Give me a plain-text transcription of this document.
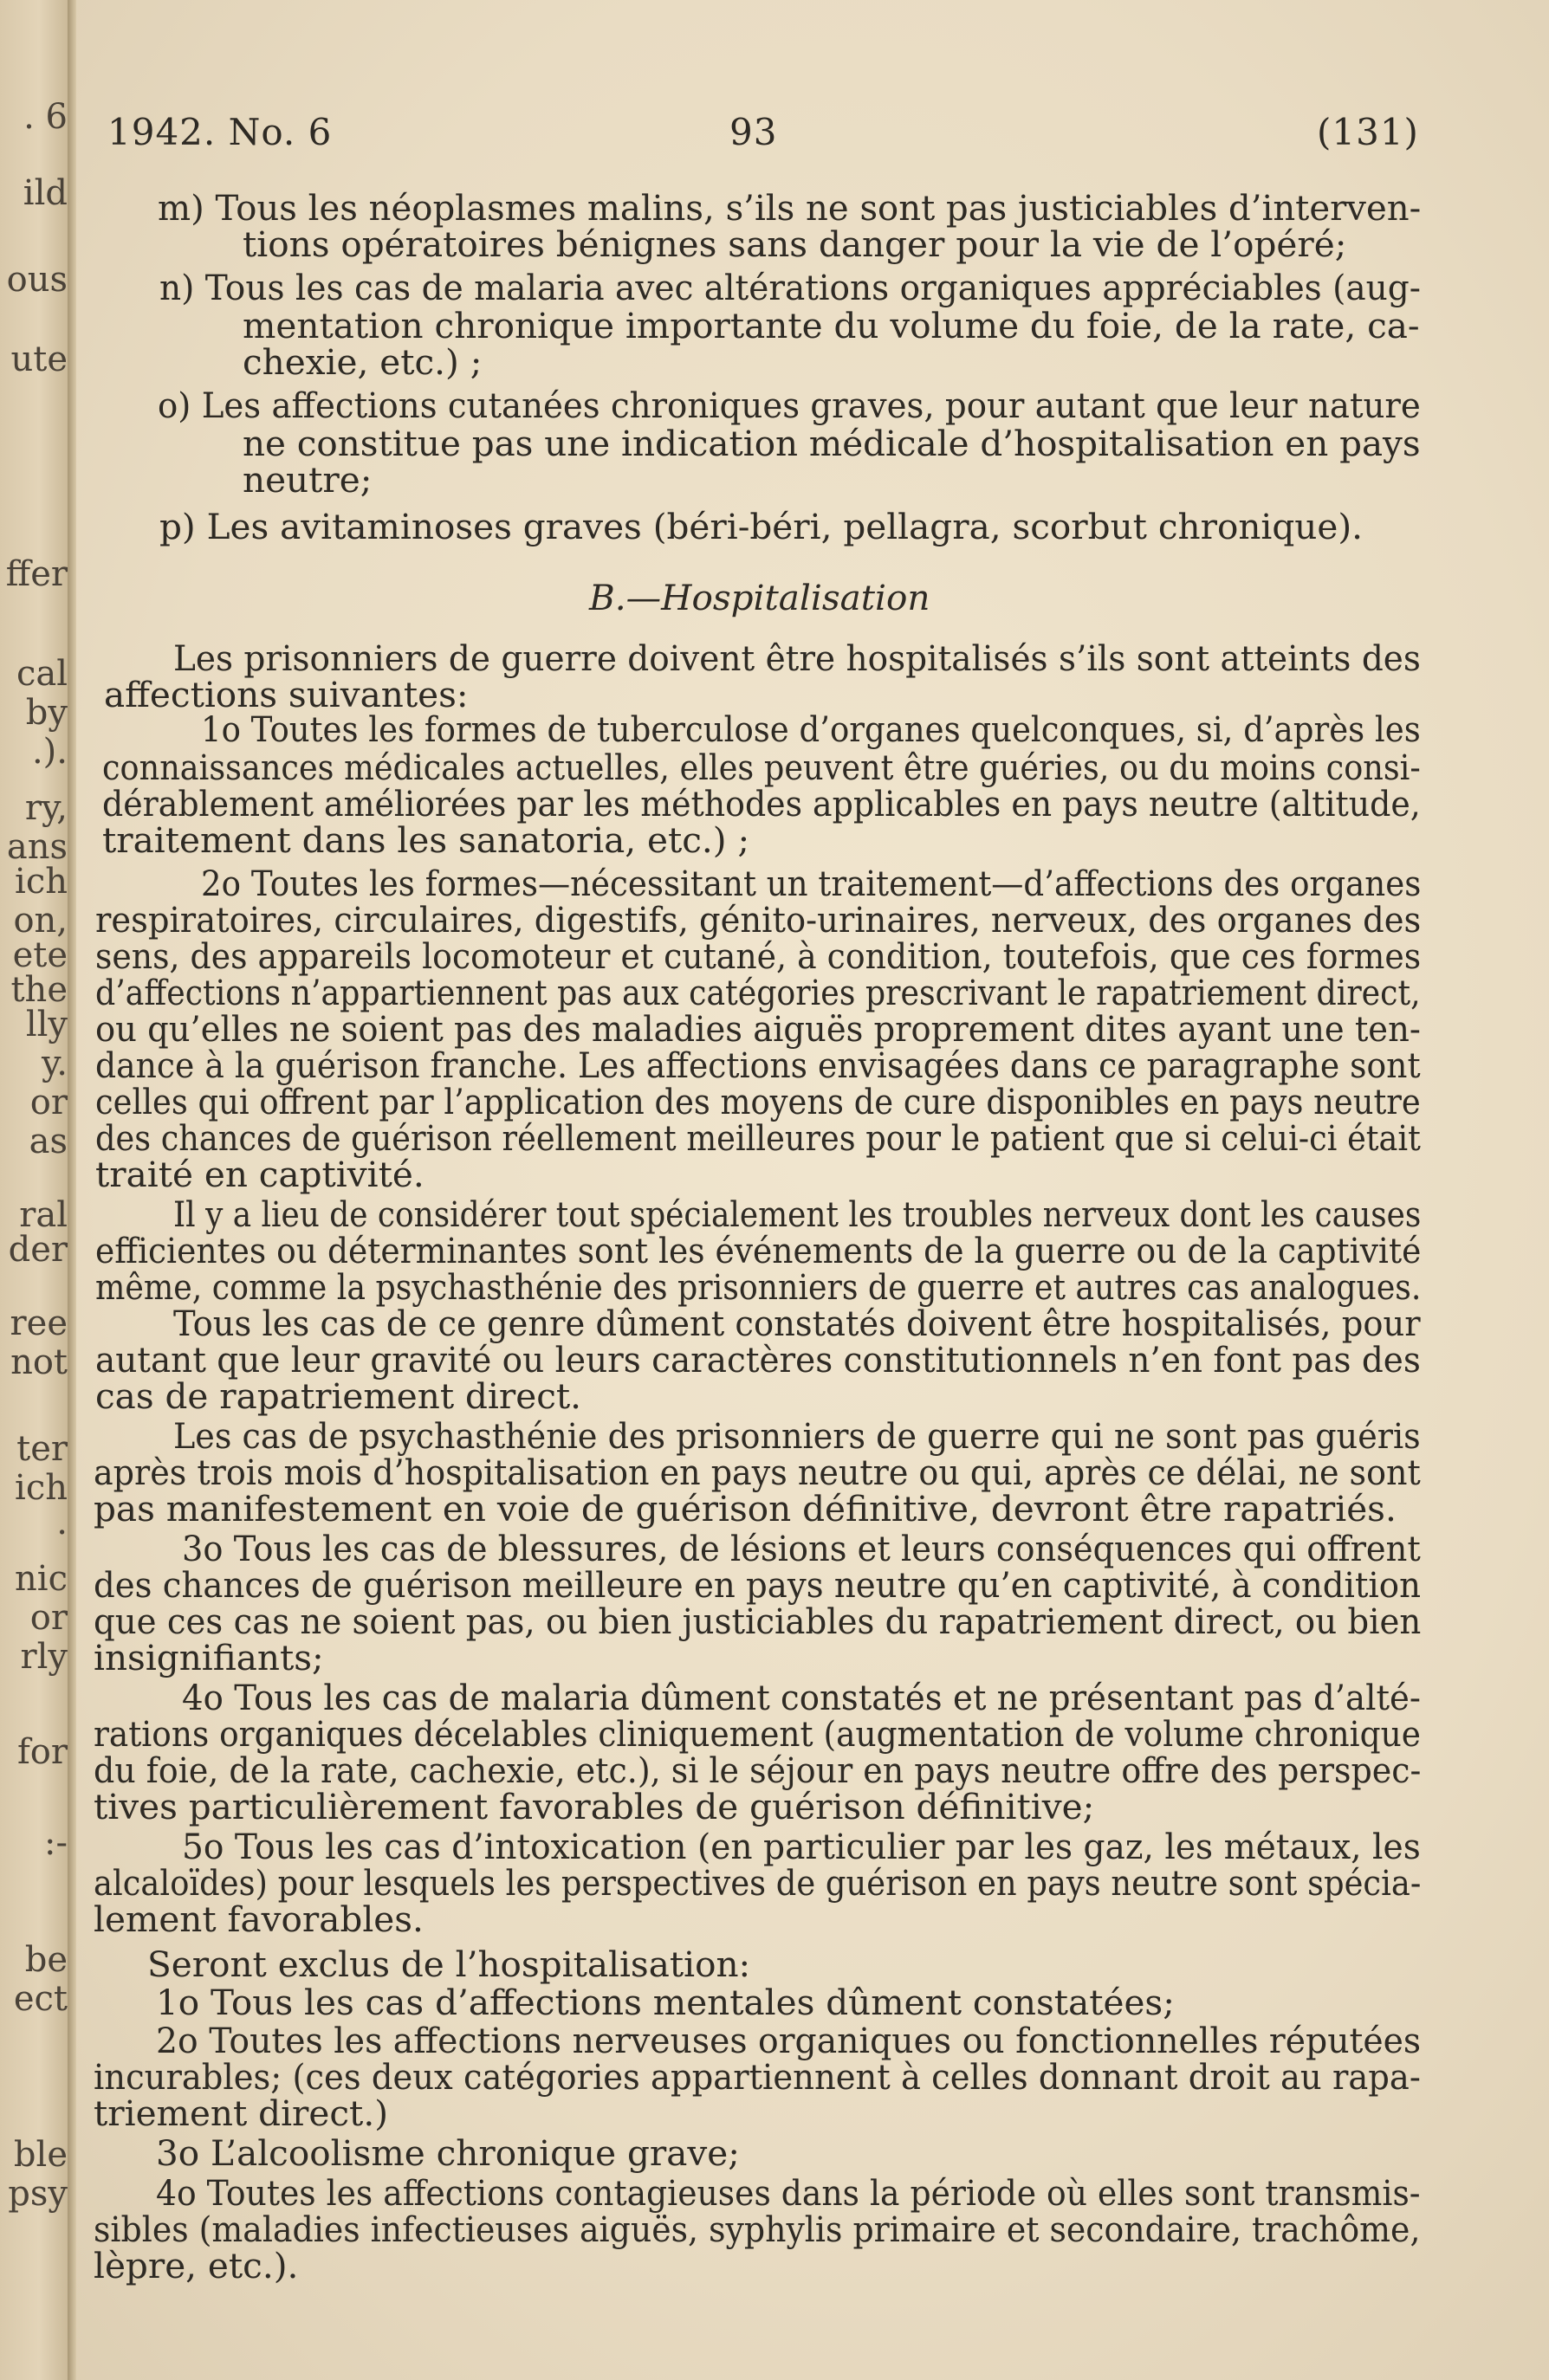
. 6
ild
ous
ute
ffer
cal
by
.).
ry,
ans
ich
on,
ete
the
lly
y.
or
as
ral
der
ree
not
ter
ich
.
nic
or
rly
for
:-
be
ect
ble
psy
1942. No. 6	93	(131)
m) Tous les néoplasmes malins, s’ils ne sont pas justiciables d’interven-
tions opératoires bénignes sans danger pour la vie de l’opéré;
n) Tous les cas de malaria avec altérations organiques appréciables (aug-
mentation chronique importante du volume du foie, de la rate, ca-
chexie, etc.) ;
o) Les affections cutanées chroniques graves, pour autant que leur nature
ne constitue pas une indication médicale d’hospitalisation en pays
neutre;
p) Les avitaminoses graves (béri-béri, pellagra, scorbut chronique).
B.—Hospitalisation
Les prisonniers de guerre doivent être hospitalisés s’ils sont atteints des
affections suivantes:
1o Toutes les formes de tuberculose d’organes quelconques, si, d’après les
connaissances médicales actuelles, elles peuvent être guéries, ou du moins consi-
dérablement améliorées par les méthodes applicables en pays neutre (altitude,
traitement dans les sanatoria, etc.) ;
2o Toutes les formes—nécessitant un traitement—d’affections des organes
respiratoires, circulaires, digestifs, génito-urinaires, nerveux, des organes des
sens, des appareils locomoteur et cutané, à condition, toutefois, que ces formes
d’affections n’appartiennent pas aux catégories prescrivant le rapatriement direct,
ou qu’elles ne soient pas des maladies aiguës proprement dites ayant une ten-
dance à la guérison franche. Les affections envisagées dans ce paragraphe sont
celles qui offrent par l’application des moyens de cure disponibles en pays neutre
des chances de guérison réellement meilleures pour le patient que si celui-ci était
traité en captivité.
Il y a lieu de considérer tout spécialement les troubles nerveux dont les causes
efficientes ou déterminantes sont les événements de la guerre ou de la captivité
même, comme la psychasthénie des prisonniers de guerre et autres cas analogues.
Tous les cas de ce genre dûment constatés doivent être hospitalisés, pour
autant que leur gravité ou leurs caractères constitutionnels n’en font pas des
cas de rapatriement direct.
Les cas de psychasthénie des prisonniers de guerre qui ne sont pas guéris
après trois mois d’hospitalisation en pays neutre ou qui, après ce délai, ne sont
pas manifestement en voie de guérison définitive, devront être rapatriés.
3o Tous les cas de blessures, de lésions et leurs conséquences qui offrent
des chances de guérison meilleure en pays neutre qu’en captivité, à condition
que ces cas ne soient pas, ou bien justiciables du rapatriement direct, ou bien
insignifiants;
4o Tous les cas de malaria dûment constatés et ne présentant pas d’alté-
rations organiques décelables cliniquement (augmentation de volume chronique
du foie, de la rate, cachexie, etc.), si le séjour en pays neutre offre des perspec-
tives particulièrement favorables de guérison définitive;
5o Tous les cas d’intoxication (en particulier par les gaz, les métaux, les
alcaloïdes) pour lesquels les perspectives de guérison en pays neutre sont spécia-
lement favorables.
Seront exclus de l’hospitalisation:
1o Tous les cas d’affections mentales dûment constatées;
2o Toutes les affections nerveuses organiques ou fonctionnelles réputées
incurables; (ces deux catégories appartiennent à celles donnant droit au rapa-
triement direct.)
3o L’alcoolisme chronique grave;
4o Toutes les affections contagieuses dans la période où elles sont transmis-
sibles (maladies infectieuses aiguës, syphylis primaire et secondaire, trachôme,
lèpre, etc.).
